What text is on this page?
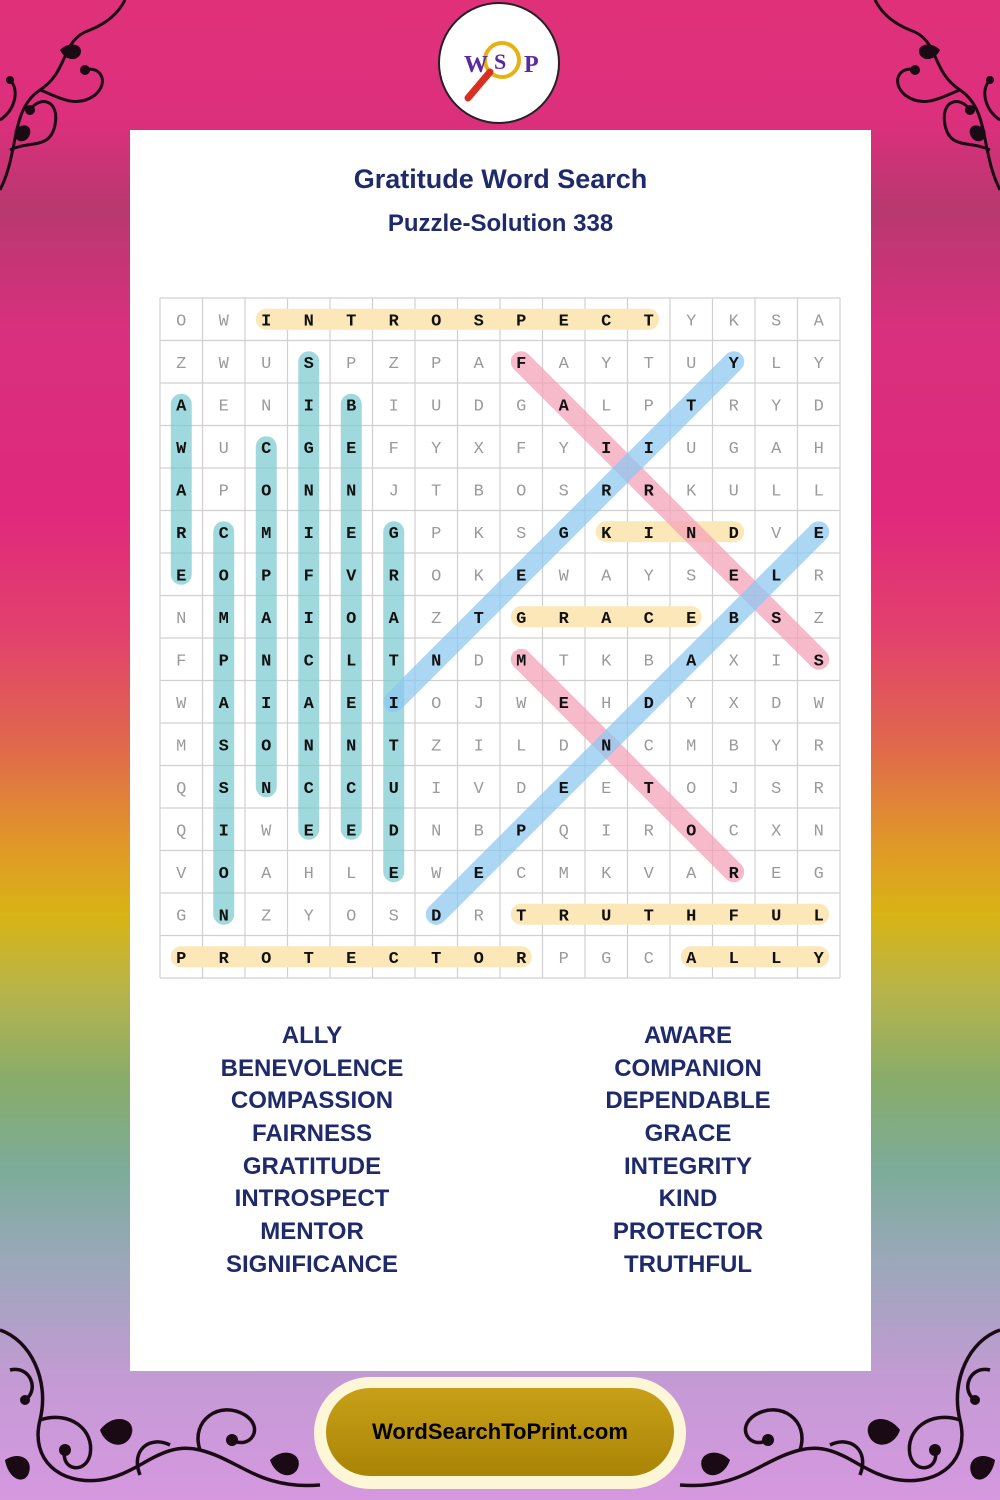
W S P
Gratitude Word Search
Puzzle-Solution 338
O W I N T R O S P E C T Y K S A
Z W U S P Z P A F A Y T U Y L Y
A E N I B I U D G A L P T R Y D
W U C G E F Y X F Y I I U G A H
A P O N N J T B O S R R K U L L
R C M I E G P K S G K I N D V E
E O P F V R O K E W A Y S E L R
N M A I O A Z T G R A C E B S Z
F P N C L T N D M T K B A X I S
W A I A E I O J W E H D Y X D W
M S O N N T Z I L D N C M B Y R
Q S N C C U I V D E E T O J S R
Q I W E E D N B P Q I R O C X N
V O A H L E W E C M K V A R E G
G N Z Y O S D R T R U T H F U L
P R O T E C T O R P G C A L L Y
ALLY
BENEVOLENCE
COMPASSION
FAIRNESS
GRATITUDE
INTROSPECT
MENTOR
SIGNIFICANCE
AWARE
COMPANION
DEPENDABLE
GRACE
INTEGRITY
KIND
PROTECTOR
TRUTHFUL
WordSearchToPrint.com
